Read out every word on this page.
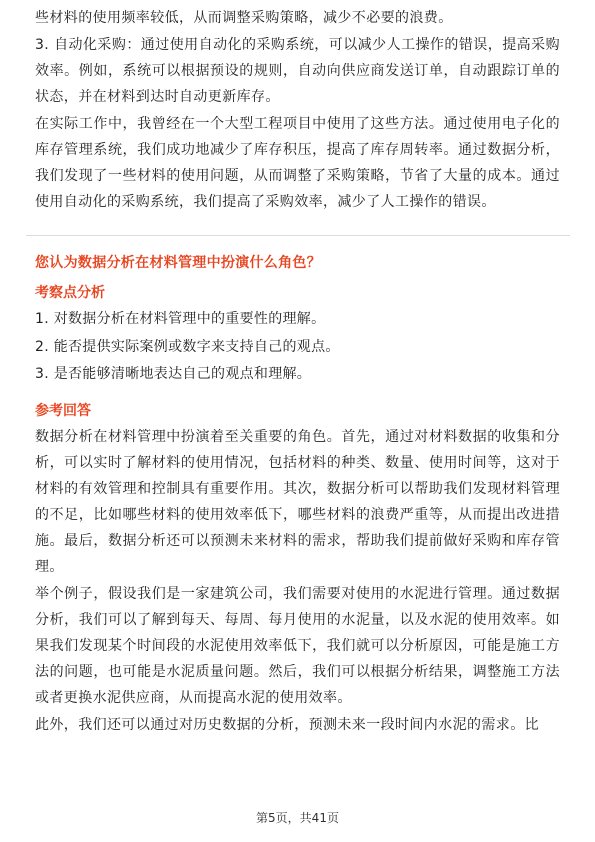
些材料的使用频率较低，从而调整采购策略，减少不必要的浪费。

3. 自动化采购：通过使用自动化的采购系统，可以减少人工操作的错误，提高采购效率。例如，系统可以根据预设的规则，自动向供应商发送订单，自动跟踪订单的状态，并在材料到达时自动更新库存。

在实际工作中，我曾经在一个大型工程项目中使用了这些方法。通过使用电子化的库存管理系统，我们成功地减少了库存积压，提高了库存周转率。通过数据分析，我们发现了一些材料的使用问题，从而调整了采购策略，节省了大量的成本。通过使用自动化的采购系统，我们提高了采购效率，减少了人工操作的错误。

您认为数据分析在材料管理中扮演什么角色？

考察点分析

1. 对数据分析在材料管理中的重要性的理解。
2. 能否提供实际案例或数字来支持自己的观点。
3. 是否能够清晰地表达自己的观点和理解。

参考回答

数据分析在材料管理中扮演着至关重要的角色。首先，通过对材料数据的收集和分析，可以实时了解材料的使用情况，包括材料的种类、数量、使用时间等，这对于材料的有效管理和控制具有重要作用。其次，数据分析可以帮助我们发现材料管理的不足，比如哪些材料的使用效率低下，哪些材料的浪费严重等，从而提出改进措施。最后，数据分析还可以预测未来材料的需求，帮助我们提前做好采购和库存管理。

举个例子，假设我们是一家建筑公司，我们需要对使用的水泥进行管理。通过数据分析，我们可以了解到每天、每周、每月使用的水泥量，以及水泥的使用效率。如果我们发现某个时间段的水泥使用效率低下，我们就可以分析原因，可能是施工方法的问题，也可能是水泥质量问题。然后，我们可以根据分析结果，调整施工方法或者更换水泥供应商，从而提高水泥的使用效率。

此外，我们还可以通过对历史数据的分析，预测未来一段时间内水泥的需求。比

第5页，共41页
